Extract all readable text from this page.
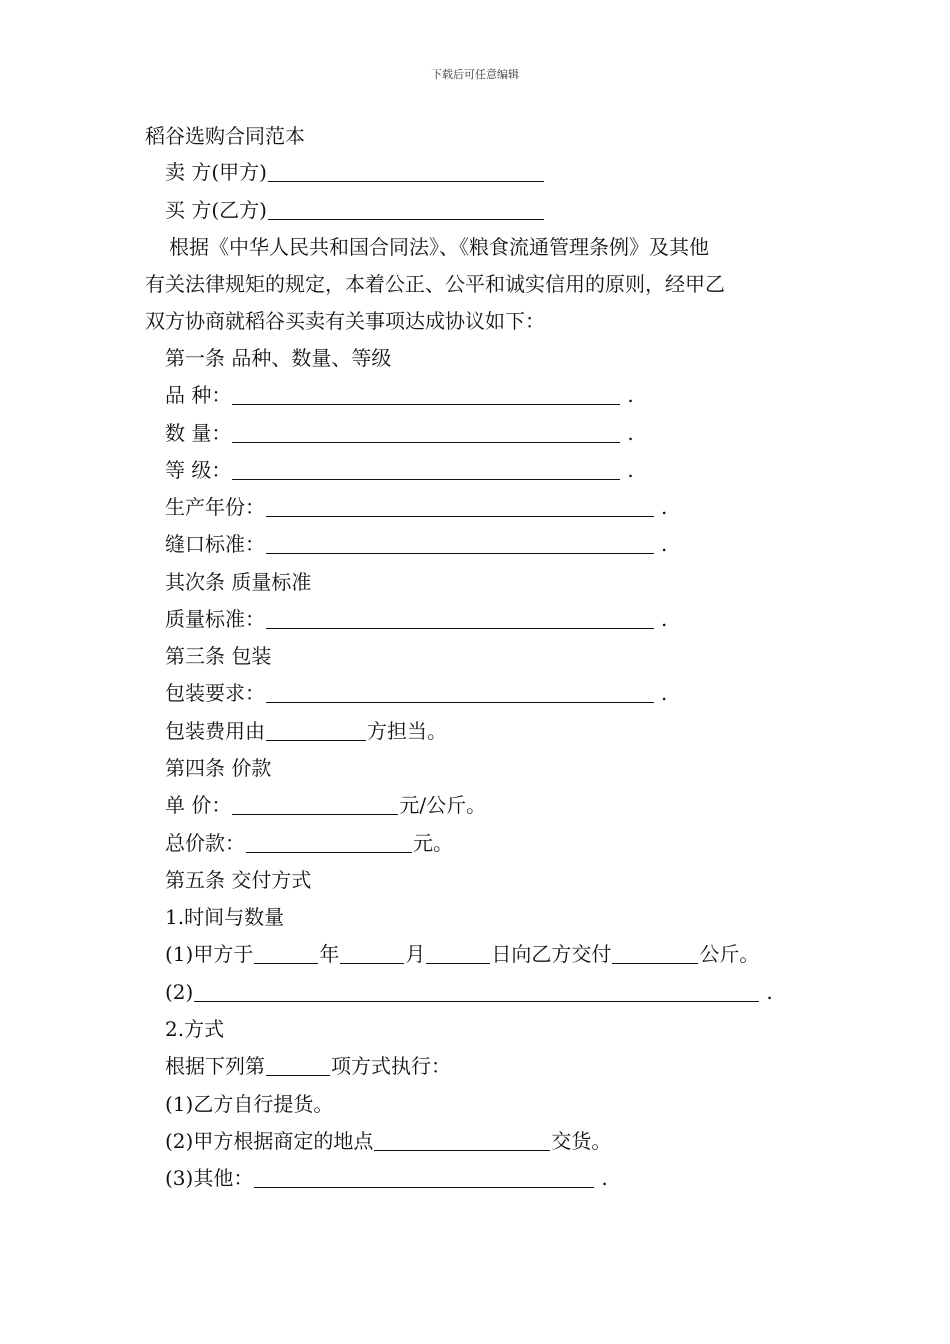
下载后可任意编辑
稻谷选购合同范本
卖 方(甲方)
买 方(乙方)

根据《中华人民共和国合同法》、《粮食流通管理条例》及其他

有关法律规矩的规定，本着公正、公平和诚实信用的原则，经甲乙

双方协商就稻谷买卖有关事项达成协议如下：

第一条 品种、数量、等级
品 种：	.
数 量：	.
等 级：	.
生产年份：	.
缝口标准：	.
其次条 质量标准
质量标准：	.
第三条 包装
包装要求：	.
包装费用由	方担当。
第四条 价款
单 价：	元/公斤。
总价款：	元。
第五条 交付方式
1.时间与数量
(1)甲方于	年	月	日向乙方交付	公斤。
(2)	.
2.方式
根据下列第	项方式执行：
(1)乙方自行提货。
(2)甲方根据商定的地点	交货。
(3)其他：	.
